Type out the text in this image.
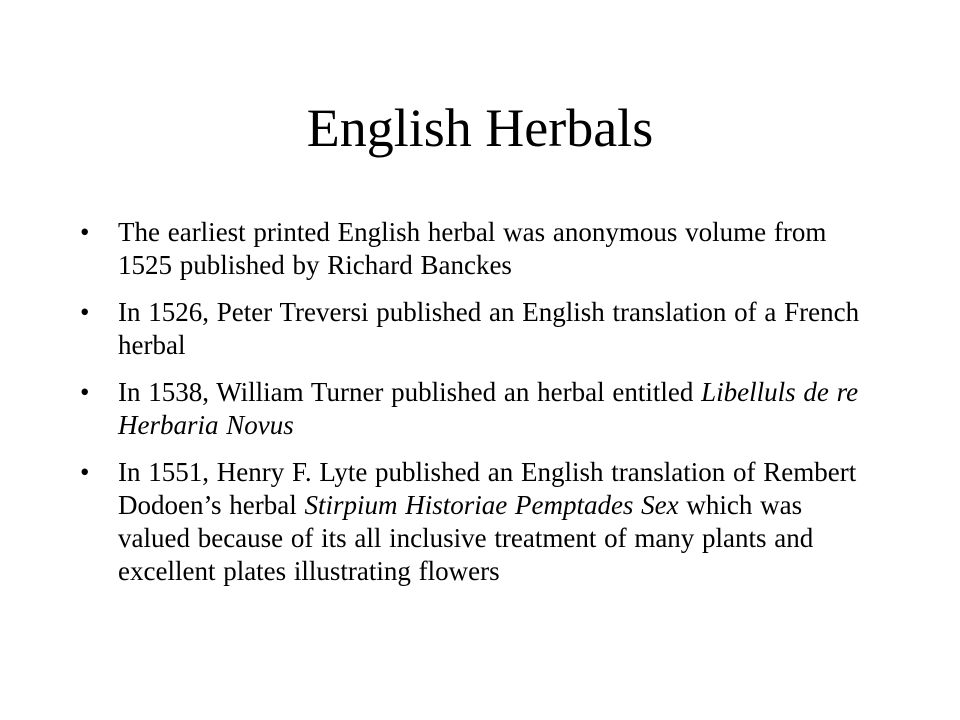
English Herbals
•	The earliest printed English herbal was anonymous volume from 1525 published by Richard Banckes
•	In 1526, Peter Treversi published an English translation of a French herbal
•	In 1538, William Turner published an herbal entitled Libelluls de re Herbaria Novus
•	In 1551, Henry F. Lyte published an English translation of Rembert Dodoen’s herbal Stirpium Historiae Pemptades Sex which was valued because of its all inclusive treatment of many plants and excellent plates illustrating flowers
